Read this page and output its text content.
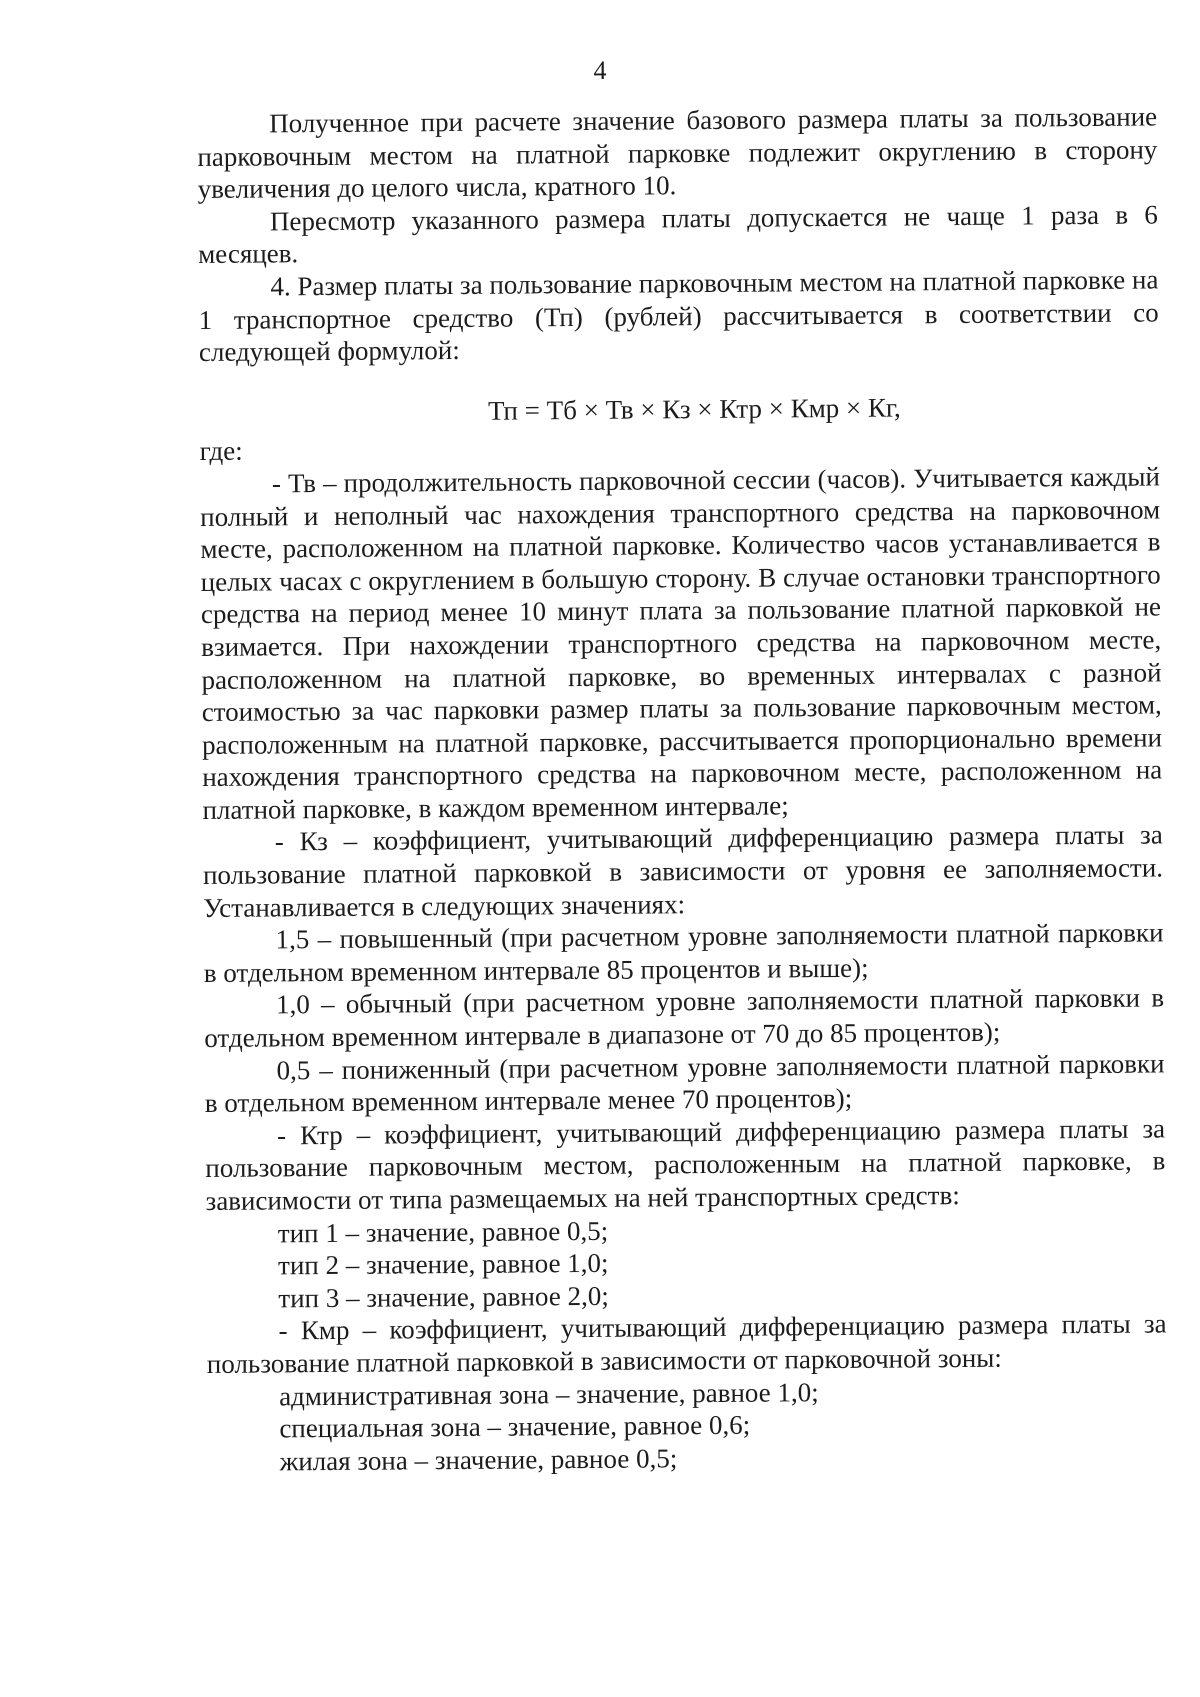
4

Полученное при расчете значение базового размера платы за пользование парковочным местом на платной парковке подлежит округлению в сторону увеличения до целого числа, кратного 10.

Пересмотр указанного размера платы допускается не чаще 1 раза в 6 месяцев.

4. Размер платы за пользование парковочным местом на платной парковке на 1 транспортное средство (Тп) (рублей) рассчитывается в соответствии со следующей формулой:

Тп = Тб × Тв × Кз × Ктр × Кмр × Кг,

где:

- Тв – продолжительность парковочной сессии (часов). Учитывается каждый полный и неполный час нахождения транспортного средства на парковочном месте, расположенном на платной парковке. Количество часов устанавливается в целых часах с округлением в большую сторону. В случае остановки транспортного средства на период менее 10 минут плата за пользование платной парковкой не взимается. При нахождении транспортного средства на парковочном месте, расположенном на платной парковке, во временных интервалах с разной стоимостью за час парковки размер платы за пользование парковочным местом, расположенным на платной парковке, рассчитывается пропорционально времени нахождения транспортного средства на парковочном месте, расположенном на платной парковке, в каждом временном интервале;

- Кз – коэффициент, учитывающий дифференциацию размера платы за пользование платной парковкой в зависимости от уровня ее заполняемости. Устанавливается в следующих значениях:

1,5 – повышенный (при расчетном уровне заполняемости платной парковки в отдельном временном интервале 85 процентов и выше);

1,0 – обычный (при расчетном уровне заполняемости платной парковки в отдельном временном интервале в диапазоне от 70 до 85 процентов);

0,5 – пониженный (при расчетном уровне заполняемости платной парковки в отдельном временном интервале менее 70 процентов);

- Ктр – коэффициент, учитывающий дифференциацию размера платы за пользование парковочным местом, расположенным на платной парковке, в зависимости от типа размещаемых на ней транспортных средств:

тип 1 – значение, равное 0,5;

тип 2 – значение, равное 1,0;

тип 3 – значение, равное 2,0;

- Кмр – коэффициент, учитывающий дифференциацию размера платы за пользование платной парковкой в зависимости от парковочной зоны:

административная зона – значение, равное 1,0;

специальная зона – значение, равное 0,6;

жилая зона – значение, равное 0,5;
